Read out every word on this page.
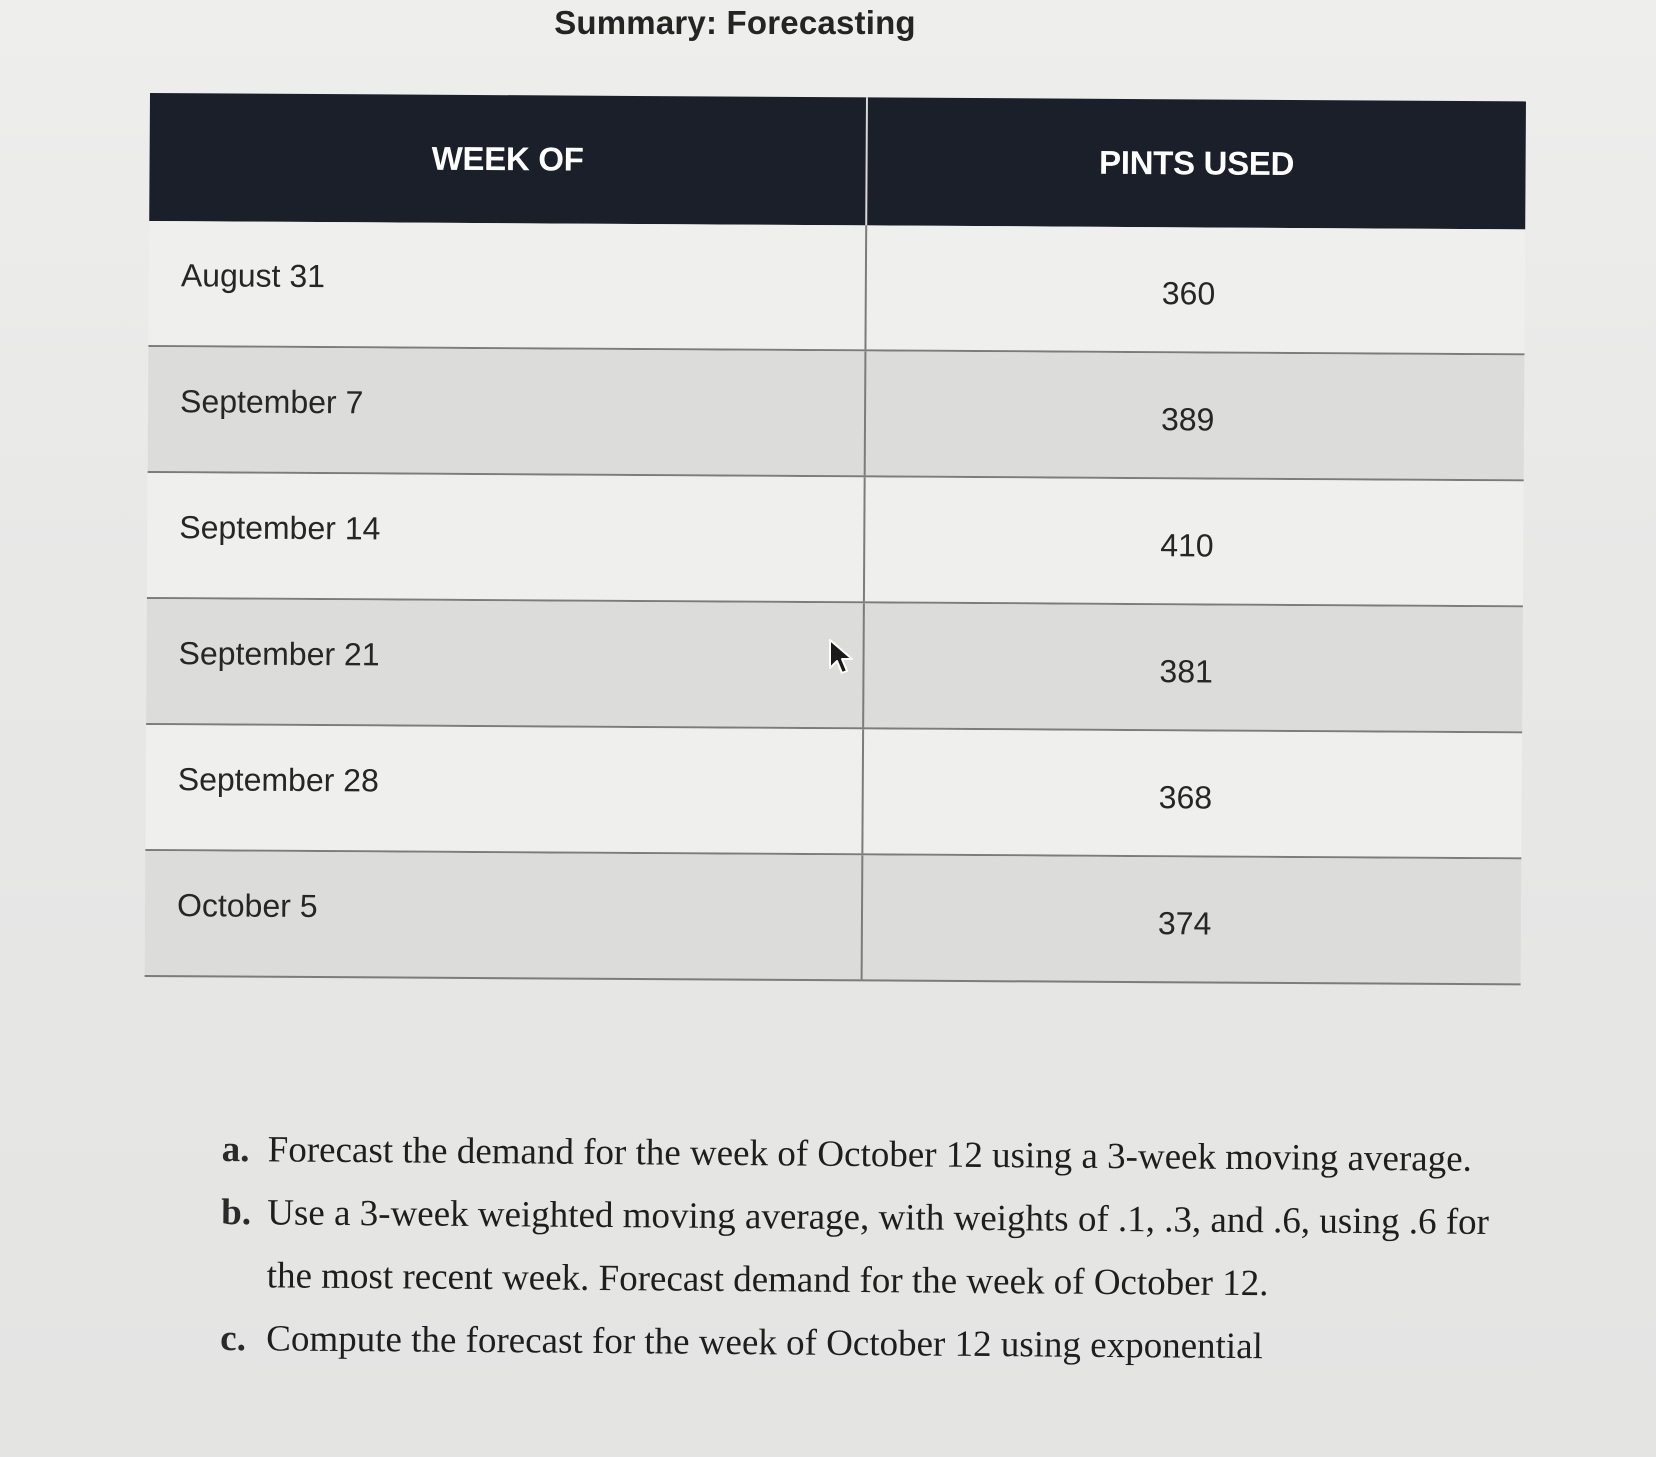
Summary: Forecasting
WEEK OF	PINTS USED
August 31	360
September 7	389
September 14	410
September 21	381
September 28	368
October 5	374
a. Forecast the demand for the week of October 12 using a 3-week moving average.
b. Use a 3-week weighted moving average, with weights of .1, .3, and .6, using .6 for the most recent week. Forecast demand for the week of October 12.
c. Compute the forecast for the week of October 12 using exponential
